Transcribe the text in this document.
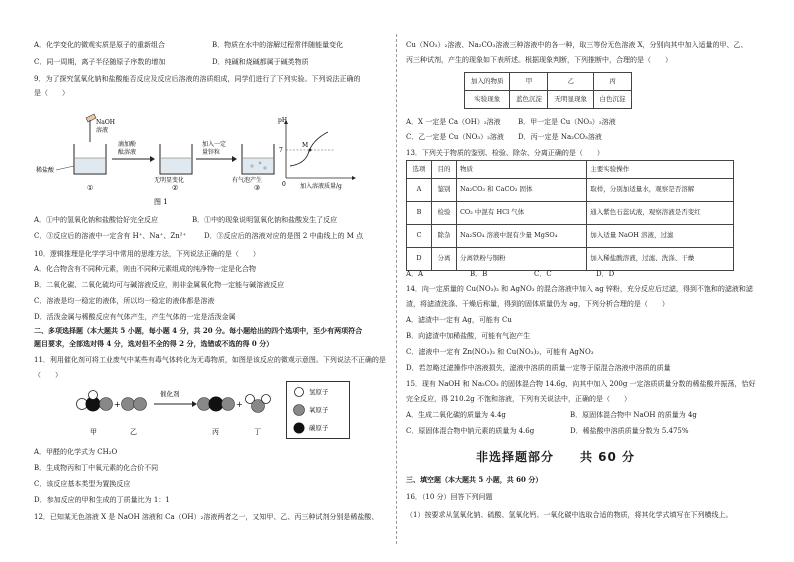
A．化学变化的微观实质是原子的重新组合	B．物质在水中的溶解过程常伴随能量变化
C．同一周期，离子半径随原子序数的增加	D．纯碱和烧碱都属于碱类物质
9．为了探究氢氧化钠和盐酸能否反应及反应后溶液的溶质组成，同学们进行了下列实验。下列说法正确的
是（　　）
NaOH
溶液
稀盐酸
①
滴加酚
酞溶液
②
加入一定
量锌粒
③
无明显变化	有气泡产生
pH
7
M
0 加入溶液质量/g
图 1
A．①中的氢氧化钠和盐酸恰好完全反应	B．①中的现象说明氢氧化钠和盐酸发生了反应
C．③反应后的溶液中一定含有 H⁺、Na⁺、Zn²⁺	D．③反应后的溶液对应的是图 2 中曲线上的 M 点
10．逻辑推理是化学学习中常用的思维方法，下列说法正确的是（　　）
A．化合物含有不同种元素，则由不同种元素组成的纯净物一定是化合物
B．二氧化碳、二氧化硫均可与碱溶液反应，则非金属氧化物一定能与碱溶液反应
C．溶液是均一稳定的液体，所以均一稳定的液体都是溶液
D．活泼金属与稀酸反应有气体产生，产生气体的一定是活泼金属
二、多项选择题（本大题共 5 小题，每小题 4 分，共 20 分。每小题给出的四个选项中，至少有两项符合
题目要求，全部选对得 4 分，选对但不全的得 2 分，选错或不选的得 0 分）
11．利用催化剂可将工业废气中某些有毒气体转化为无毒物质，如图是该反应的微观示意图。下列说法不正确的是
（　　）
+
催化剂
+
甲	乙	丙	丁
氢原子
氧原子
碳原子
A．甲醛的化学式为 CH₂O
B．生成物丙和丁中氧元素的化合价不同
C．该反应基本类型为置换反应
D．参加反应的甲和生成的丁质量比为 1：1
12．已知某无色溶液 X 是 NaOH 溶液和 Ca（OH）₂溶液两者之一，又知甲、乙、丙三种试剂分别是稀盐酸、
Cu（NO₃）₂溶液、Na₂CO₃溶液三种溶液中的各一种，取三等份无色溶液 X，分别向其中加入适量的甲、乙、
丙三种试剂，产生的现象如下表所述。根据现象判断，下列推断中，合理的是（　　）
加入的物质	甲	乙	丙
实验现象	蓝色沉淀	无明显现象	白色沉淀
A．X 一定是 Ca（OH）₂溶液 B．甲一定是 Cu（NO₃）₂溶液
C．乙一定是 Cu（NO₃）₂溶液 D．丙一定是 Na₂CO₃溶液
13．下列关于物质的鉴别、检验、除杂、分离正确的是（　　）
选项	目的	物质	主要实验操作
A	鉴别	Na₂CO₃ 和 CaCO₃ 固体	取样，分别加适量水，观察是否溶解
B	检验	CO₂ 中混有 HCl 气体	通入紫色石蕊试液，观察溶液是否变红
C	除杂	Na₂SO₄ 溶液中混有少量 MgSO₄	加入适量 NaOH 溶液，过滤
D	分离	分离铁粉与铜粉	加入稀盐酸溶液，过滤、洗涤、干燥
A．A	B．B	C．C	D．D
14．向一定质量的 Cu(NO₃)₂ 和 AgNO₃ 的混合溶液中加入 ag 锌粉，充分反应后过滤，得到不饱和的滤液和滤
渣，将滤渣洗涤、干燥后称量，得到的固体质量仍为 ag，下列分析合理的是（　　）
A．滤渣中一定有 Ag，可能有 Cu
B．向滤渣中加稀盐酸，可能有气泡产生
C．滤液中一定有 Zn(NO₃)₂ 和 Cu(NO₃)₂，可能有 AgNO₃
D．若忽略过滤操作中溶液损失，滤液中溶质的质量一定等于原混合溶液中溶质的质量
15．现有 NaOH 和 Na₂CO₃ 的固体混合物 14.6g，向其中加入 200g 一定溶质质量分数的稀盐酸并振荡，恰好
完全反应，得 210.2g 不饱和溶液，下列有关说法中，正确的是（　　）
A．生成二氧化碳的质量为 4.4g	B．原固体混合物中 NaOH 的质量为 4g
C．原固体混合物中钠元素的质量为 4.6g	D．稀盐酸中溶质质量分数为 5.475%
非选择题部分　　共 60 分
三、填空题（本大题共 5 小题，共 60 分）
16．（10 分）回答下列问题
（1）按要求从氢氧化钠、硫酸、氢氧化钙、一氧化碳中选取合适的物质，将其化学式填写在下列横线上。
